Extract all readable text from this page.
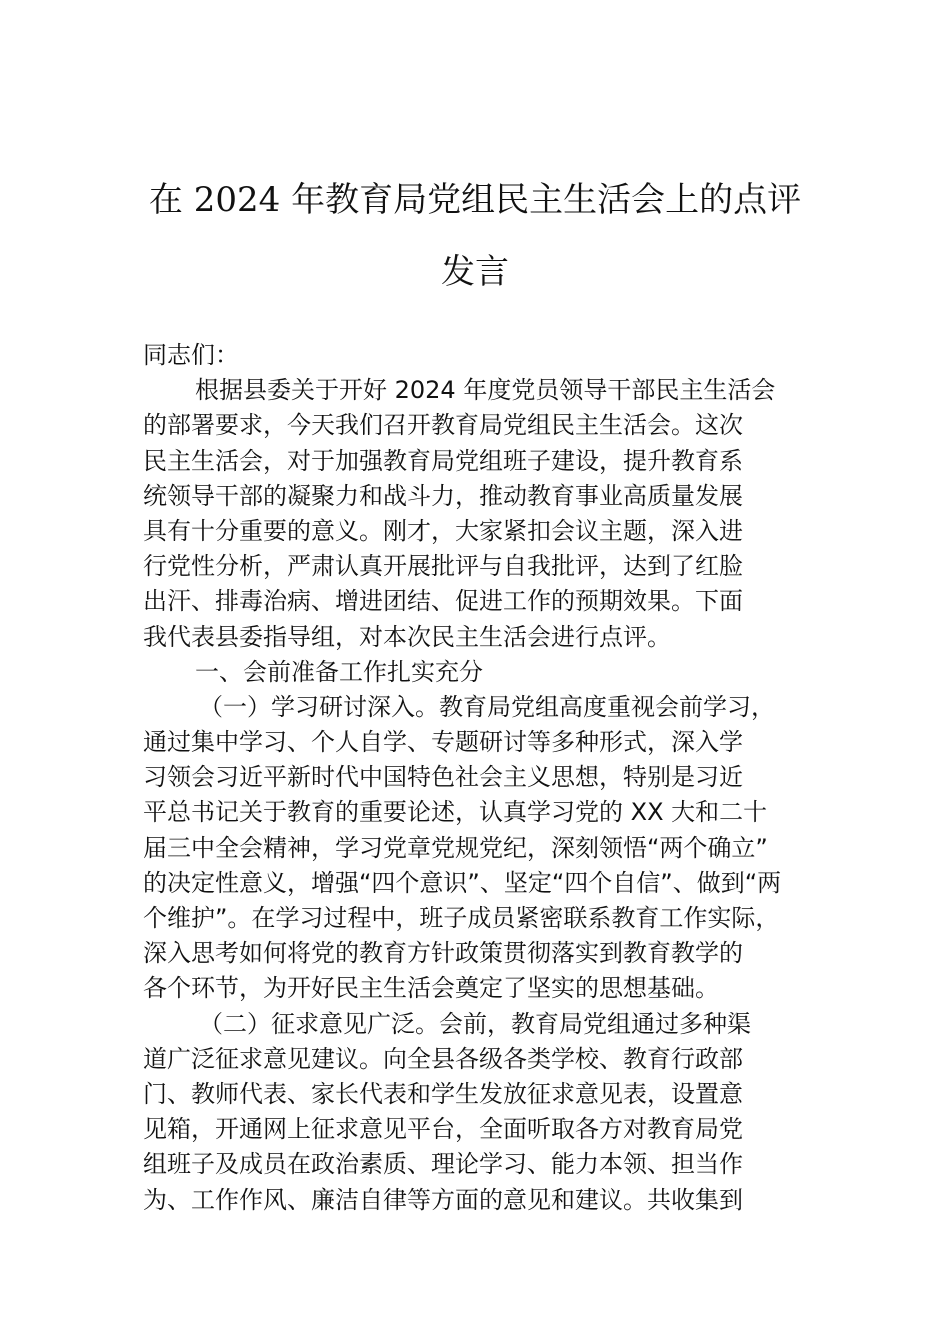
在 2024 年教育局党组民主生活会上的点评
发言
同志们：
根据县委关于开好 2024 年度党员领导干部民主生活会
的部署要求，今天我们召开教育局党组民主生活会。这次
民主生活会，对于加强教育局党组班子建设，提升教育系
统领导干部的凝聚力和战斗力，推动教育事业高质量发展
具有十分重要的意义。刚才，大家紧扣会议主题，深入进
行党性分析，严肃认真开展批评与自我批评，达到了红脸
出汗、排毒治病、增进团结、促进工作的预期效果。下面
我代表县委指导组，对本次民主生活会进行点评。
一、会前准备工作扎实充分
（一）学习研讨深入。教育局党组高度重视会前学习，
通过集中学习、个人自学、专题研讨等多种形式，深入学
习领会习近平新时代中国特色社会主义思想，特别是习近
平总书记关于教育的重要论述，认真学习党的 XX 大和二十
届三中全会精神，学习党章党规党纪，深刻领悟“两个确立”
的决定性意义，增强“四个意识”、坚定“四个自信”、做到“两
个维护”。在学习过程中，班子成员紧密联系教育工作实际，
深入思考如何将党的教育方针政策贯彻落实到教育教学的
各个环节，为开好民主生活会奠定了坚实的思想基础。
（二）征求意见广泛。会前，教育局党组通过多种渠
道广泛征求意见建议。向全县各级各类学校、教育行政部
门、教师代表、家长代表和学生发放征求意见表，设置意
见箱，开通网上征求意见平台，全面听取各方对教育局党
组班子及成员在政治素质、理论学习、能力本领、担当作
为、工作作风、廉洁自律等方面的意见和建议。共收集到
